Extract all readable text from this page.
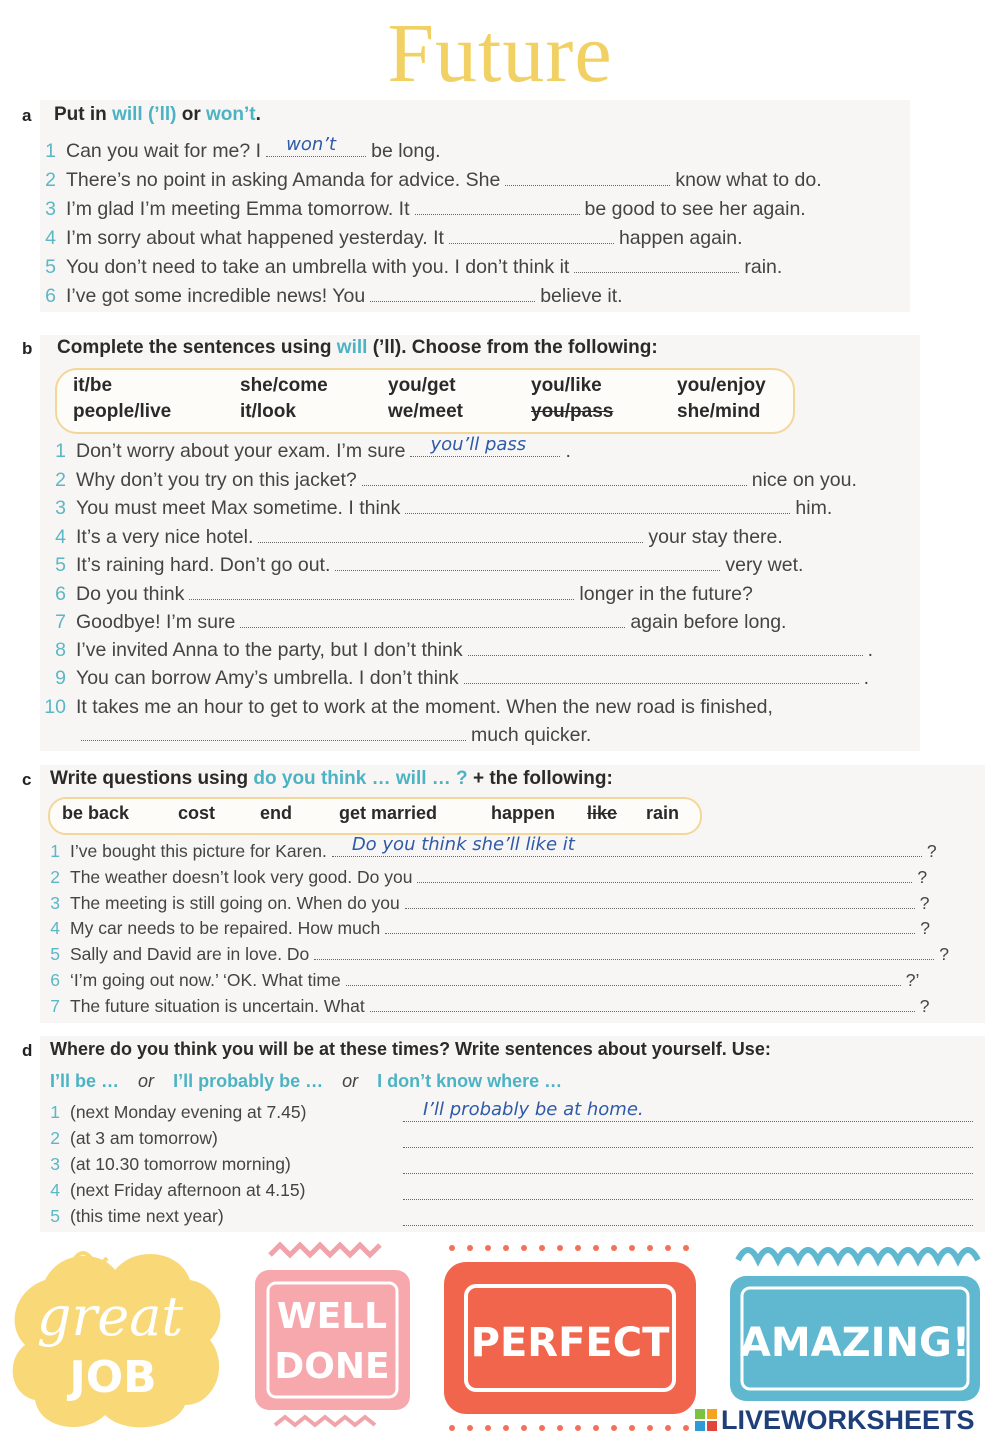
Future
a Put in will (’ll) or won’t.
1 Can you wait for me? I won’t be long.
2 There’s no point in asking Amanda for advice. She	know what to do.
3 I’m glad I’m meeting Emma tomorrow. It	be good to see her again.
4 I’m sorry about what happened yesterday. It	happen again.
5 You don’t need to take an umbrella with you. I don’t think it	rain.
6 I’ve got some incredible news! You	believe it.
b Complete the sentences using will (’ll). Choose from the following:
it/be	she/come	you/get	you/like	you/enjoy
people/live	it/look	we/meet	you/pass	she/mind
1 Don’t worry about your exam. I’m sure you’ll pass .
2 Why don’t you try on this jacket?	nice on you.
3 You must meet Max sometime. I think	him.
4 It’s a very nice hotel.	your stay there.
5 It’s raining hard. Don’t go out.	very wet.
6 Do you think	longer in the future?
7 Goodbye! I’m sure	again before long.
8 I’ve invited Anna to the party, but I don’t think	.
9 You can borrow Amy’s umbrella. I don’t think	.
10 It takes me an hour to get to work at the moment. When the new road is finished,
much quicker.
c Write questions using do you think … will … ? + the following:
be back	cost end	get married	happen like rain
1 I’ve bought this picture for Karen. Do you think she’ll like it	?
2 The weather doesn’t look very good. Do you	?
3 The meeting is still going on. When do you	?
4 My car needs to be repaired. How much	?
5 Sally and David are in love. Do	?
6 ‘I’m going out now.’ ‘OK. What time	?’
7 The future situation is uncertain. What	?
d Where do you think you will be at these times? Write sentences about yourself. Use:
I’ll be … or I’ll probably be … or I don’t know where …
1 (next Monday evening at 7.45)	I’ll probably be at home.
2 (at 3 am tomorrow)
3 (at 10.30 tomorrow morning)
4 (next Friday afternoon at 4.15)
5 (this time next year)
great
JOB
WELL
DONE
PERFECT AMAZING!
LIVEWORKSHEETS
